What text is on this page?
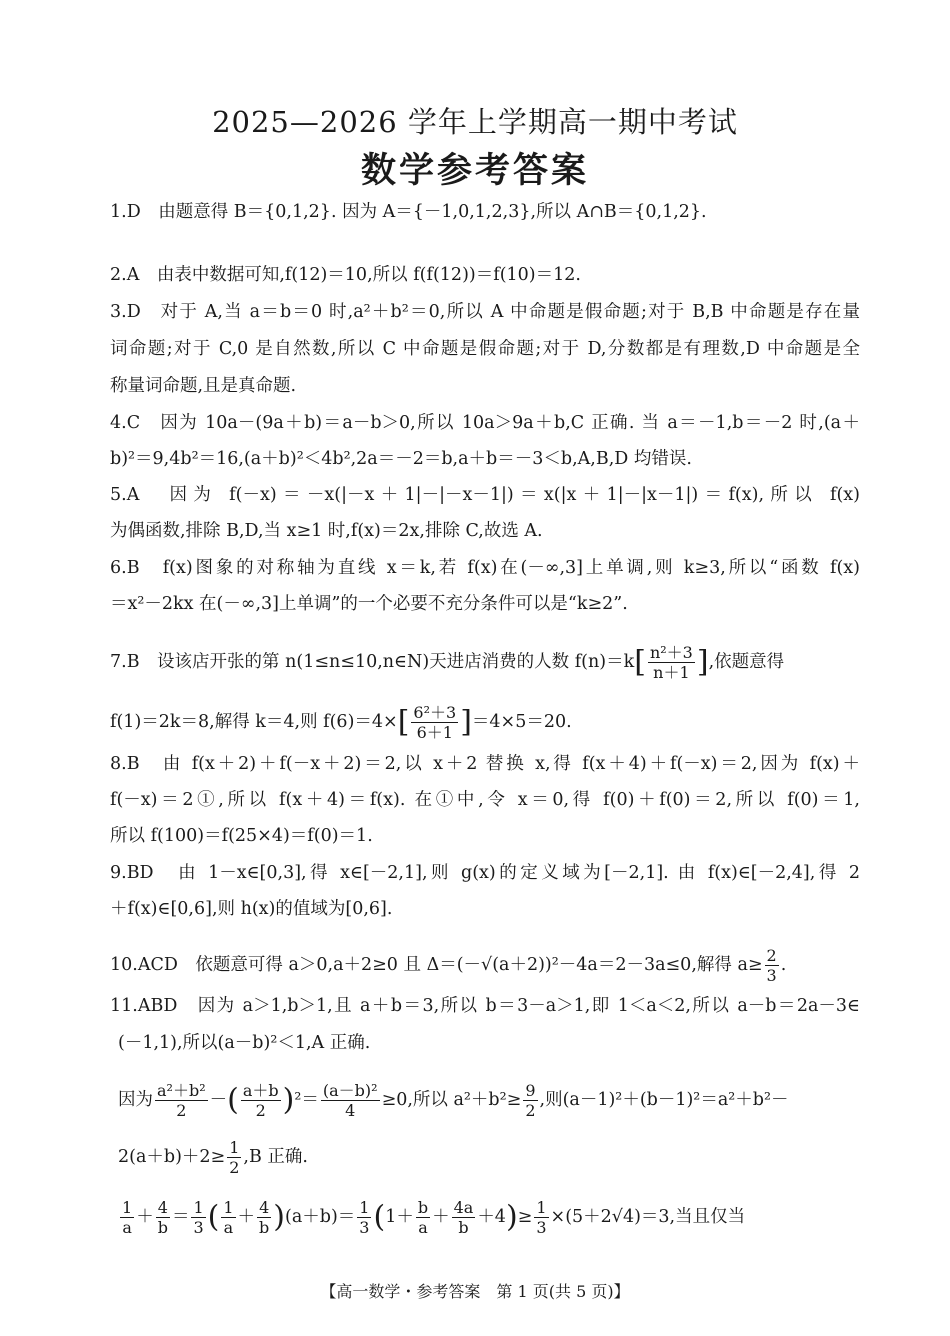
2025—2026 学年上学期高一期中考试
数学参考答案
1.D　由题意得 B＝{0,1,2}. 因为 A＝{－1,0,1,2,3},所以 A∩B＝{0,1,2}.
2.A　由表中数据可知,f(12)＝10,所以 f(f(12))＝f(10)＝12.
3.D　对于 A,当 a＝b＝0 时,a²＋b²＝0,所以 A 中命题是假命题;对于 B,B 中命题是存在量
词命题;对于 C,0 是自然数,所以 C 中命题是假命题;对于 D,分数都是有理数,D 中命题是全
称量词命题,且是真命题.
4.C　因为 10a－(9a＋b)＝a－b＞0,所以 10a＞9a＋b,C 正确. 当 a＝－1,b＝－2 时,(a＋
b)²＝9,4b²＝16,(a＋b)²＜4b²,2a＝－2＝b,a＋b＝－3＜b,A,B,D 均错误.
5.A　因为 f(－x)＝－x(|－x＋1|－|－x－1|)＝x(|x＋1|－|x－1|)＝f(x),所以 f(x)
为偶函数,排除 B,D,当 x≥1 时,f(x)＝2x,排除 C,故选 A.
6.B　f(x)图象的对称轴为直线 x＝k,若 f(x)在(－∞,3]上单调,则 k≥3,所以“函数 f(x)
＝x²－2kx 在(－∞,3]上单调”的一个必要不充分条件可以是“k≥2”.
7.B　设该店开张的第 n(1≤n≤10,n∈N)天进店消费的人数 $f(n)=k[ \frac{\text{n²＋3}}{n+1}$ ],依题意得
f(1)＝2k＝8,解得 k＝4,则 $f(6)=4\times[ \frac{\text{6²＋3}}{6+1} ]=4\times 5=20$.
8.B　由 f(x＋2)＋f(－x＋2)＝2,以 x＋2 替换 x,得 f(x＋4)＋f(－x)＝2,因为 f(x)＋
f(－x)＝2①,所以 f(x＋4)＝f(x). 在①中,令 x＝0,得 f(0)＋f(0)＝2,所以 f(0)＝1,
所以 f(100)＝f(25×4)＝f(0)＝1.
9.BD　由 1－x∈[0,3],得 x∈[－2,1],则 g(x)的定义域为[－2,1]. 由 f(x)∈[－2,4],得 2
＋f(x)∈[0,6],则 h(x)的值域为[0,6].
10.ACD　依题意可得 a＞0,a＋2≥0 且 Δ＝(－√(a＋2))²－4a＝2－3a≤0,解得 $a\ge \frac{2}{3}$ .
11.ABD　因为 a＞1,b＞1,且 a＋b＝3,所以 b＝3－a＞1,即 1＜a＜2,所以 a－b＝2a－3∈
(－1,1),所以(a－b)²＜1,A 正确.
因为 $\frac{\text{a²＋b²}}{2}$ －( $\frac{a+b}{2} )^2= \frac{\text{(a－b)²}}{4} \ge 0$,所以 $a^2+b^2\ge \frac{9}{2}$ ,则(a－1)²＋(b－1)²＝a²＋b²－
$2(a+b)+2\ge \frac{1}{2} ,B$ 正确.
$\frac{1}{a} + \frac{4}{b} = \frac{1}{3}$ ( $\frac{1}{a} + \frac{4}{b} )(a+b)= \frac{1}{3} (1+ \frac{b}{a} + \frac{4a}{b} +4)\ge \frac{1}{3} \times(5+2√4)=3$,当且仅当
【高一数学・参考答案　第 1 页(共 5 页)】
